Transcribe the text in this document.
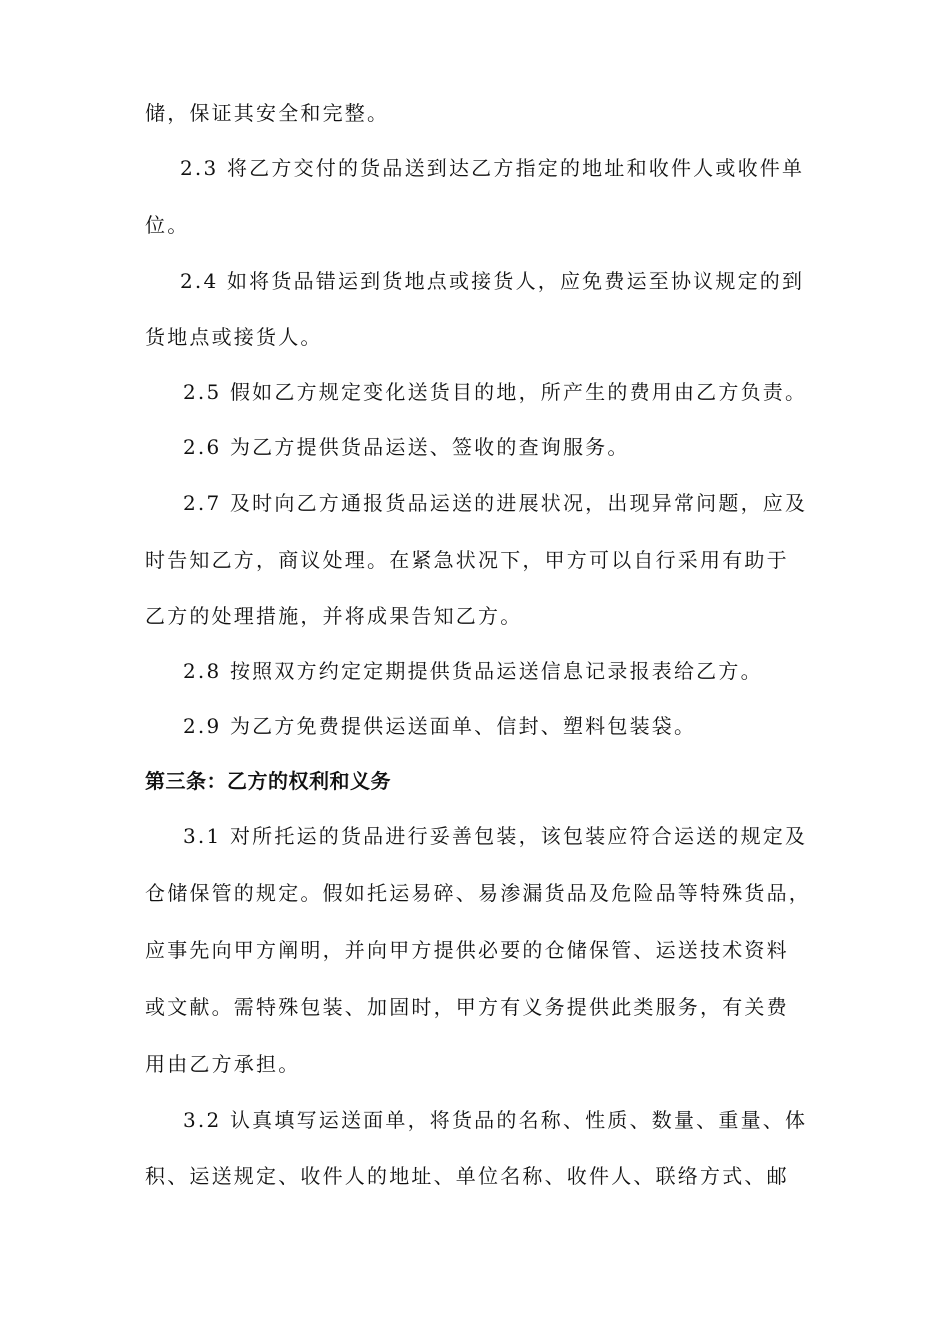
储，保证其安全和完整。
2.3 将乙方交付的货品送到达乙方指定的地址和收件人或收件单
位。
2.4 如将货品错运到货地点或接货人，应免费运至协议规定的到
货地点或接货人。
2.5 假如乙方规定变化送货目的地，所产生的费用由乙方负责。
2.6 为乙方提供货品运送、签收的查询服务。
2.7 及时向乙方通报货品运送的进展状况，出现异常问题，应及
时告知乙方，商议处理。在紧急状况下，甲方可以自行采用有助于
乙方的处理措施，并将成果告知乙方。
2.8 按照双方约定定期提供货品运送信息记录报表给乙方。
2.9 为乙方免费提供运送面单、信封、塑料包装袋。
第三条：乙方的权利和义务
3.1 对所托运的货品进行妥善包装，该包装应符合运送的规定及
仓储保管的规定。假如托运易碎、易渗漏货品及危险品等特殊货品，
应事先向甲方阐明，并向甲方提供必要的仓储保管、运送技术资料
或文献。需特殊包装、加固时，甲方有义务提供此类服务，有关费
用由乙方承担。
3.2 认真填写运送面单，将货品的名称、性质、数量、重量、体
积、运送规定、收件人的地址、单位名称、收件人、联络方式、邮
